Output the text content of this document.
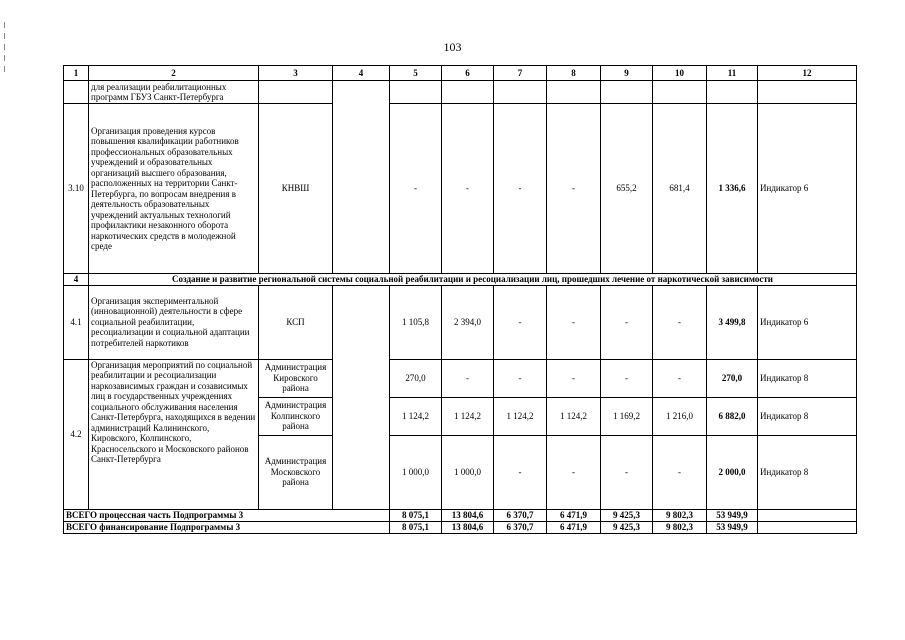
103
1	2	3	4	5	6	7	8	9	10	11	12
	для реализации реабилитационных программ ГБУЗ Санкт-Петербурга										
3.10	Организация проведения курсов повышения квалификации работников профессиональных образовательных учреждений и образовательных организаций высшего образования, расположенных на территории Санкт-Петербурга, по вопросам внедрения в деятельность образовательных учреждений актуальных технологий профилактики незаконного оборота наркотических средств в молодежной среде	КНВШ		-	-	-	-	655,2	681,4	1 336,6	Индикатор 6
4	Создание и развитие региональной системы социальной реабилитации и ресоциализации лиц, прошедших лечение от наркотической зависимости										
4.1	Организация экспериментальной (инновационной) деятельности в сфере социальной реабилитации, ресоциализации и социальной адаптации потребителей наркотиков	КСП		1 105,8	2 394,0	-	-	-	-	3 499,8	Индикатор 6
4.2	Организация мероприятий по социальной реабилитации и ресоциализации наркозависимых граждан и созависимых лиц в государственных учреждениях социального обслуживания населения Санкт-Петербурга, находящихся в ведении администраций Калининского, Кировского, Колпинского, Красносельского и Московского районов Санкт-Петербурга	Администрация Кировского района		270,0	-	-	-	-	-	270,0	Индикатор 8
		Администрация Колпинского района		1 124,2	1 124,2	1 124,2	1 124,2	1 169,2	1 216,0	6 882,0	Индикатор 8
		Администрация Московского района		1 000,0	1 000,0	-	-	-	-	2 000,0	Индикатор 8
ВСЕГО процессная часть Подпрограммы 3				8 075,1	13 804,6	6 370,7	6 471,9	9 425,3	9 802,3	53 949,9	
ВСЕГО финансирование Подпрограммы 3				8 075,1	13 804,6	6 370,7	6 471,9	9 425,3	9 802,3	53 949,9	
